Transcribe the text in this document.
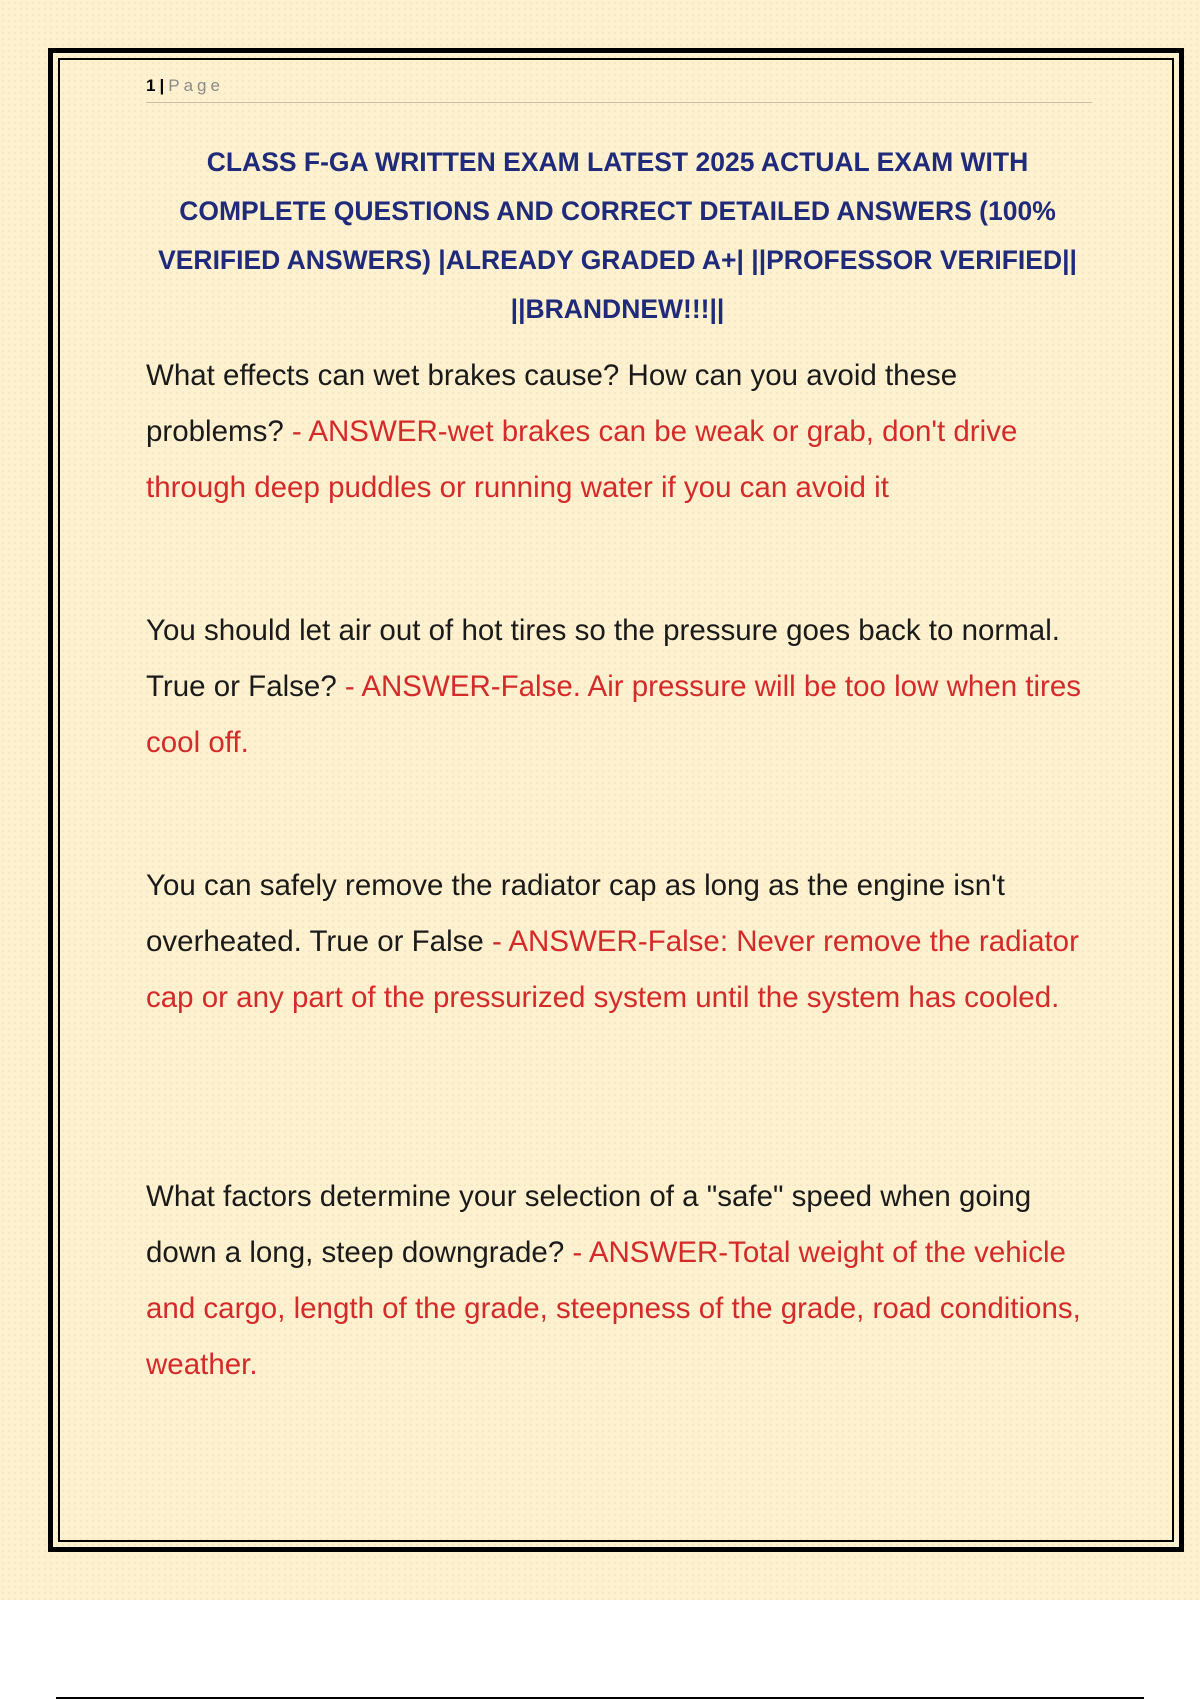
1 | Page
CLASS F-GA WRITTEN EXAM LATEST 2025 ACTUAL EXAM WITH COMPLETE QUESTIONS AND CORRECT DETAILED ANSWERS (100% VERIFIED ANSWERS) |ALREADY GRADED A+| ||PROFESSOR VERIFIED|| ||BRANDNEW!!!||

What effects can wet brakes cause? How can you avoid these problems? - ANSWER-wet brakes can be weak or grab, don't drive through deep puddles or running water if you can avoid it

You should let air out of hot tires so the pressure goes back to normal. True or False? - ANSWER-False. Air pressure will be too low when tires cool off.

You can safely remove the radiator cap as long as the engine isn't overheated. True or False - ANSWER-False: Never remove the radiator cap or any part of the pressurized system until the system has cooled.

What factors determine your selection of a "safe" speed when going down a long, steep downgrade? - ANSWER-Total weight of the vehicle and cargo, length of the grade, steepness of the grade, road conditions, weather.
